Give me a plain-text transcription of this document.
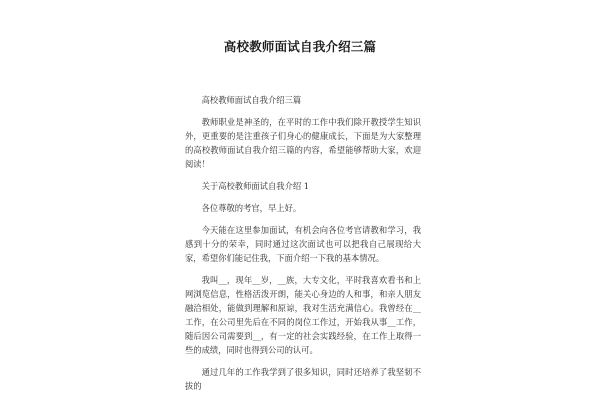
高校教师面试自我介绍三篇

高校教师面试自我介绍三篇

教师职业是神圣的，在平时的工作中我们除开教授学生知识外，更重要的是注重孩子们身心的健康成长，下面是为大家整理的高校教师面试自我介绍三篇的内容，希望能够帮助大家，欢迎阅读！

关于高校教师面试自我介绍 1

各位尊敬的考官，早上好。

今天能在这里参加面试，有机会向各位考官请教和学习，我感到十分的荣幸，同时通过这次面试也可以把我自己展现给大家，希望你们能记住我，下面介绍一下我的基本情况。

我叫__，现年__岁，__族，大专文化，平时我喜欢看书和上网浏览信息，性格活泼开朗，能关心身边的人和事，和亲人朋友融洽相处，能做到理解和原谅，我对生活充满信心。我曾经在__工作，在公司里先后在不同的岗位工作过，开始我从事__工作，随后因公司需要到__，有一定的社会实践经验，在工作上取得一些的成绩，同时也得到公司的认可。

通过几年的工作我学到了很多知识，同时还培养了我坚韧不拔的
